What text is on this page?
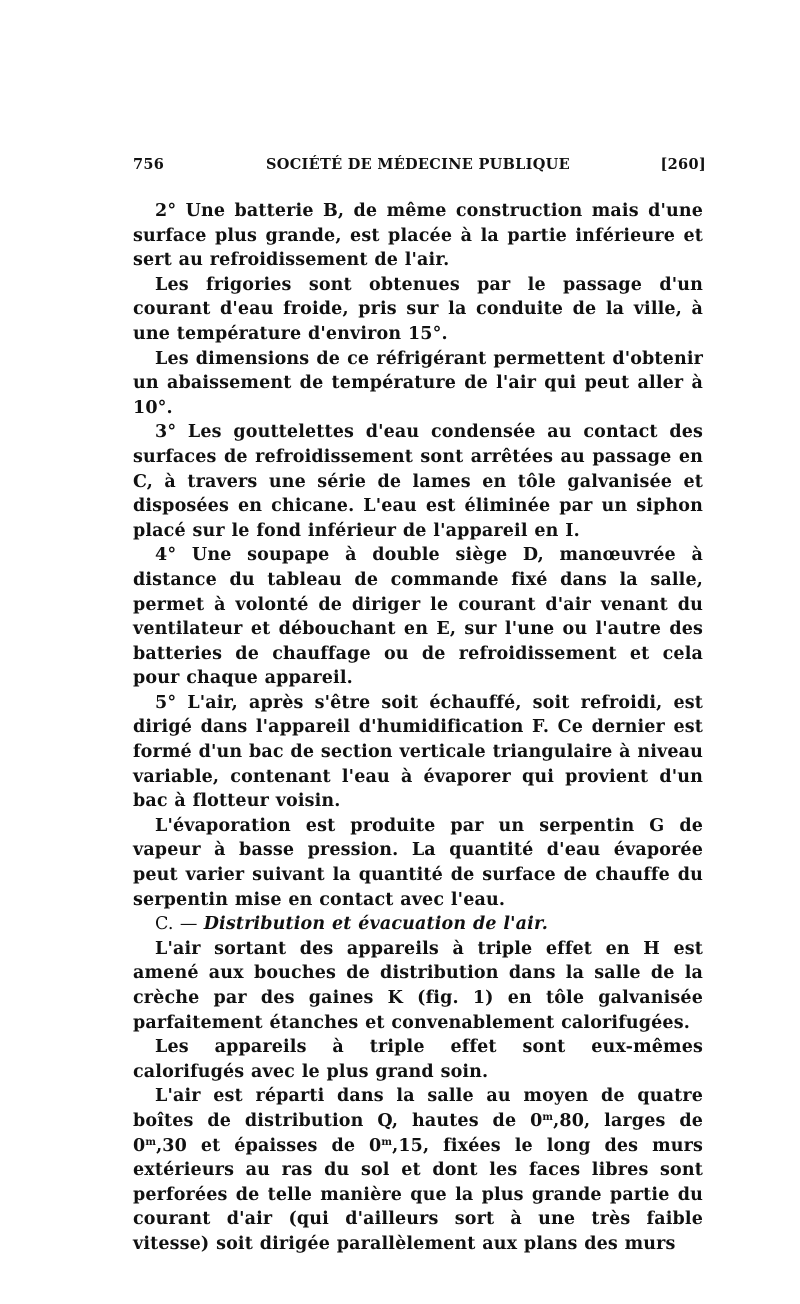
756	SOCIÉTÉ DE MÉDECINE PUBLIQUE	[260]

2° Une batterie B, de même construction mais d'une surface plus grande, est placée à la partie inférieure et sert au refroidissement de l'air.

Les frigories sont obtenues par le passage d'un courant d'eau froide, pris sur la conduite de la ville, à une température d'environ 15°.

Les dimensions de ce réfrigérant permettent d'obtenir un abaissement de température de l'air qui peut aller à 10°.

3° Les gouttelettes d'eau condensée au contact des surfaces de refroidissement sont arrêtées au passage en C, à travers une série de lames en tôle galvanisée et disposées en chicane. L'eau est éliminée par un siphon placé sur le fond inférieur de l'appareil en I.

4° Une soupape à double siège D, manœuvrée à distance du tableau de commande fixé dans la salle, permet à volonté de diriger le courant d'air venant du ventilateur et débouchant en E, sur l'une ou l'autre des batteries de chauffage ou de refroidissement et cela pour chaque appareil.

5° L'air, après s'être soit échauffé, soit refroidi, est dirigé dans l'appareil d'humidification F. Ce dernier est formé d'un bac de section verticale triangulaire à niveau variable, contenant l'eau à évaporer qui provient d'un bac à flotteur voisin.

L'évaporation est produite par un serpentin G de vapeur à basse pression. La quantité d'eau évaporée peut varier suivant la quantité de surface de chauffe du serpentin mise en contact avec l'eau.

C. — Distribution et évacuation de l'air.

L'air sortant des appareils à triple effet en H est amené aux bouches de distribution dans la salle de la crèche par des gaines K (fig. 1) en tôle galvanisée parfaitement étanches et convenablement calorifugées.

Les appareils à triple effet sont eux-mêmes calorifugés avec le plus grand soin.

L'air est réparti dans la salle au moyen de quatre boîtes de distribution Q, hautes de 0$^m$,80, larges de 0$^m$,30 et épaisses de 0$^m$,15, fixées le long des murs extérieurs au ras du sol et dont les faces libres sont perforées de telle manière que la plus grande partie du courant d'air (qui d'ailleurs sort à une très faible vitesse) soit dirigée parallèlement aux plans des murs
